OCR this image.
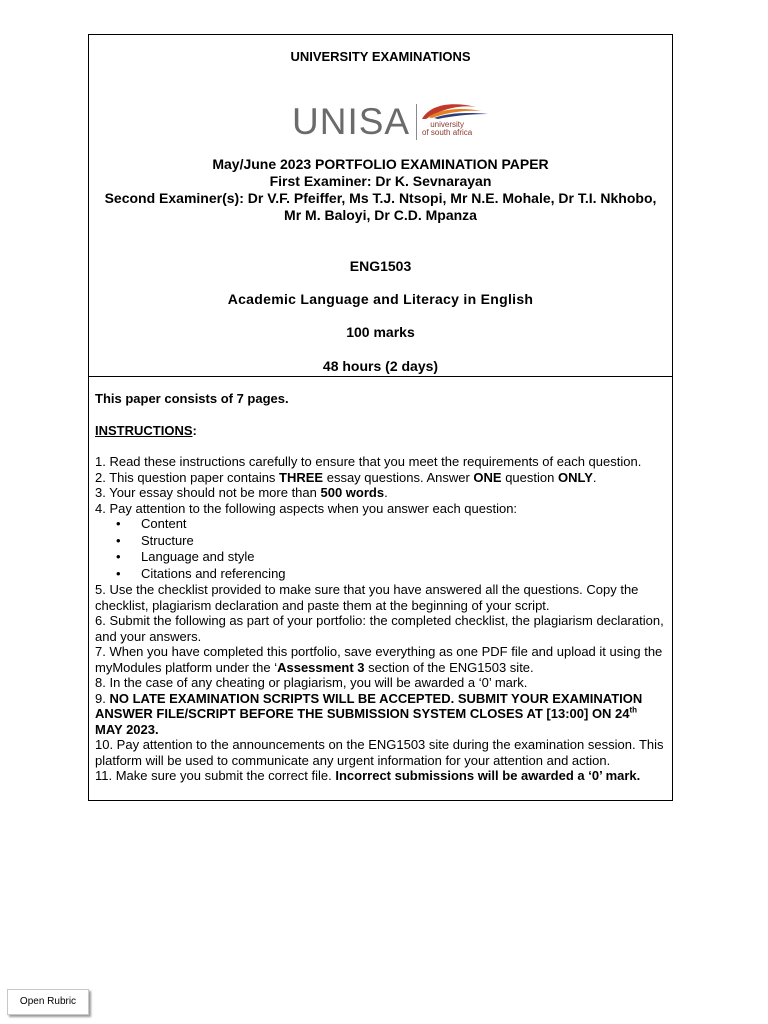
UNIVERSITY EXAMINATIONS
UNISA	university
of south africa
May/June 2023 PORTFOLIO EXAMINATION PAPER
First Examiner: Dr K. Sevnarayan
Second Examiner(s): Dr V.F. Pfeiffer, Ms T.J. Ntsopi, Mr N.E. Mohale, Dr T.I. Nkhobo, Mr M. Baloyi, Dr C.D. Mpanza
ENG1503
Academic Language and Literacy in English
100 marks
48 hours (2 days)

This paper consists of 7 pages.

INSTRUCTIONS:

1. Read these instructions carefully to ensure that you meet the requirements of each question.

2. This question paper contains THREE essay questions. Answer ONE question ONLY.

3. Your essay should not be more than 500 words.

4. Pay attention to the following aspects when you answer each question:

• Content
• Structure
• Language and style
• Citations and referencing

5. Use the checklist provided to make sure that you have answered all the questions. Copy the checklist, plagiarism declaration and paste them at the beginning of your script.

6. Submit the following as part of your portfolio: the completed checklist, the plagiarism declaration, and your answers.

7. When you have completed this portfolio, save everything as one PDF file and upload it using the myModules platform under the ‘Assessment 3 section of the ENG1503 site.

8. In the case of any cheating or plagiarism, you will be awarded a ‘0’ mark.

9. NO LATE EXAMINATION SCRIPTS WILL BE ACCEPTED. SUBMIT YOUR EXAMINATION ANSWER FILE/SCRIPT BEFORE THE SUBMISSION SYSTEM CLOSES AT [13:00] ON 24th MAY 2023.

10. Pay attention to the announcements on the ENG1503 site during the examination session. This platform will be used to communicate any urgent information for your attention and action.

11. Make sure you submit the correct file. Incorrect submissions will be awarded a ‘0’ mark.

Open Rubric
